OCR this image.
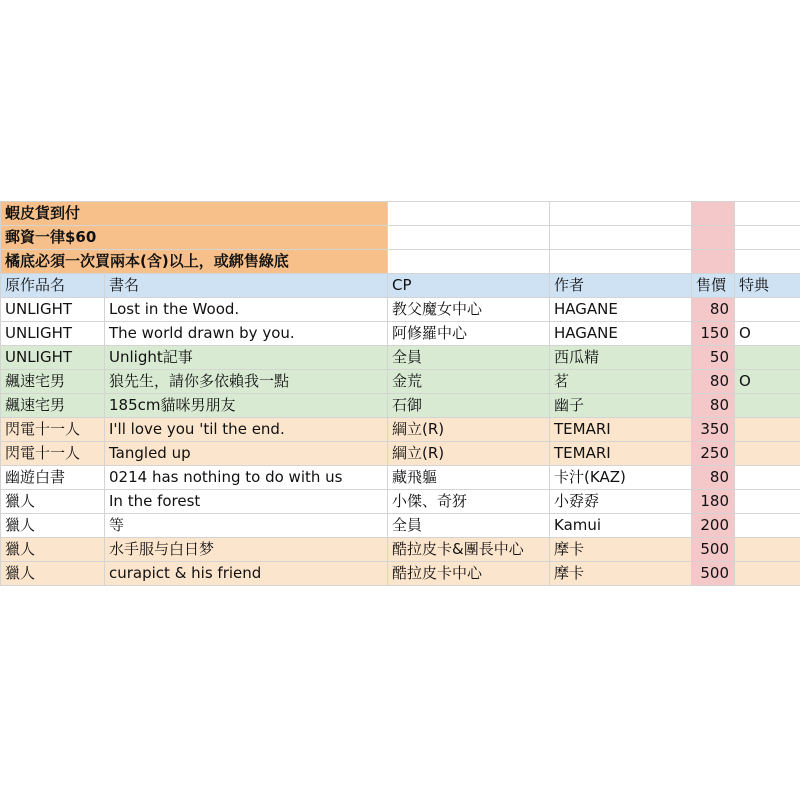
蝦皮貨到付					
郵資一律$60					
橘底必須一次買兩本(含)以上，或綁售綠底					
原作品名	書名	CP	作者	售價	特典
UNLIGHT	Lost in the Wood.	教父魔女中心	HAGANE	80	
UNLIGHT	The world drawn by you.	阿修羅中心	HAGANE	150	O
UNLIGHT	Unlight記事	全員	西瓜精	50	
飆速宅男	狼先生，請你多依賴我一點	金荒	茗	80	O
飆速宅男	185cm貓咪男朋友	石御	幽子	80	
閃電十一人	I'll love you 'til the end.	綱立(R)	TEMARI	350	
閃電十一人	Tangled up	綱立(R)	TEMARI	250	
幽遊白書	0214 has nothing to do with us	藏飛軀	卡汁(KAZ)	80	
獵人	In the forest	小傑、奇犽	小孬孬	180	
獵人	等	全員	Kamui	200	
獵人	水手服与白日梦	酷拉皮卡&團長中心	摩卡	500	
獵人	curapict & his friend	酷拉皮卡中心	摩卡	500	
